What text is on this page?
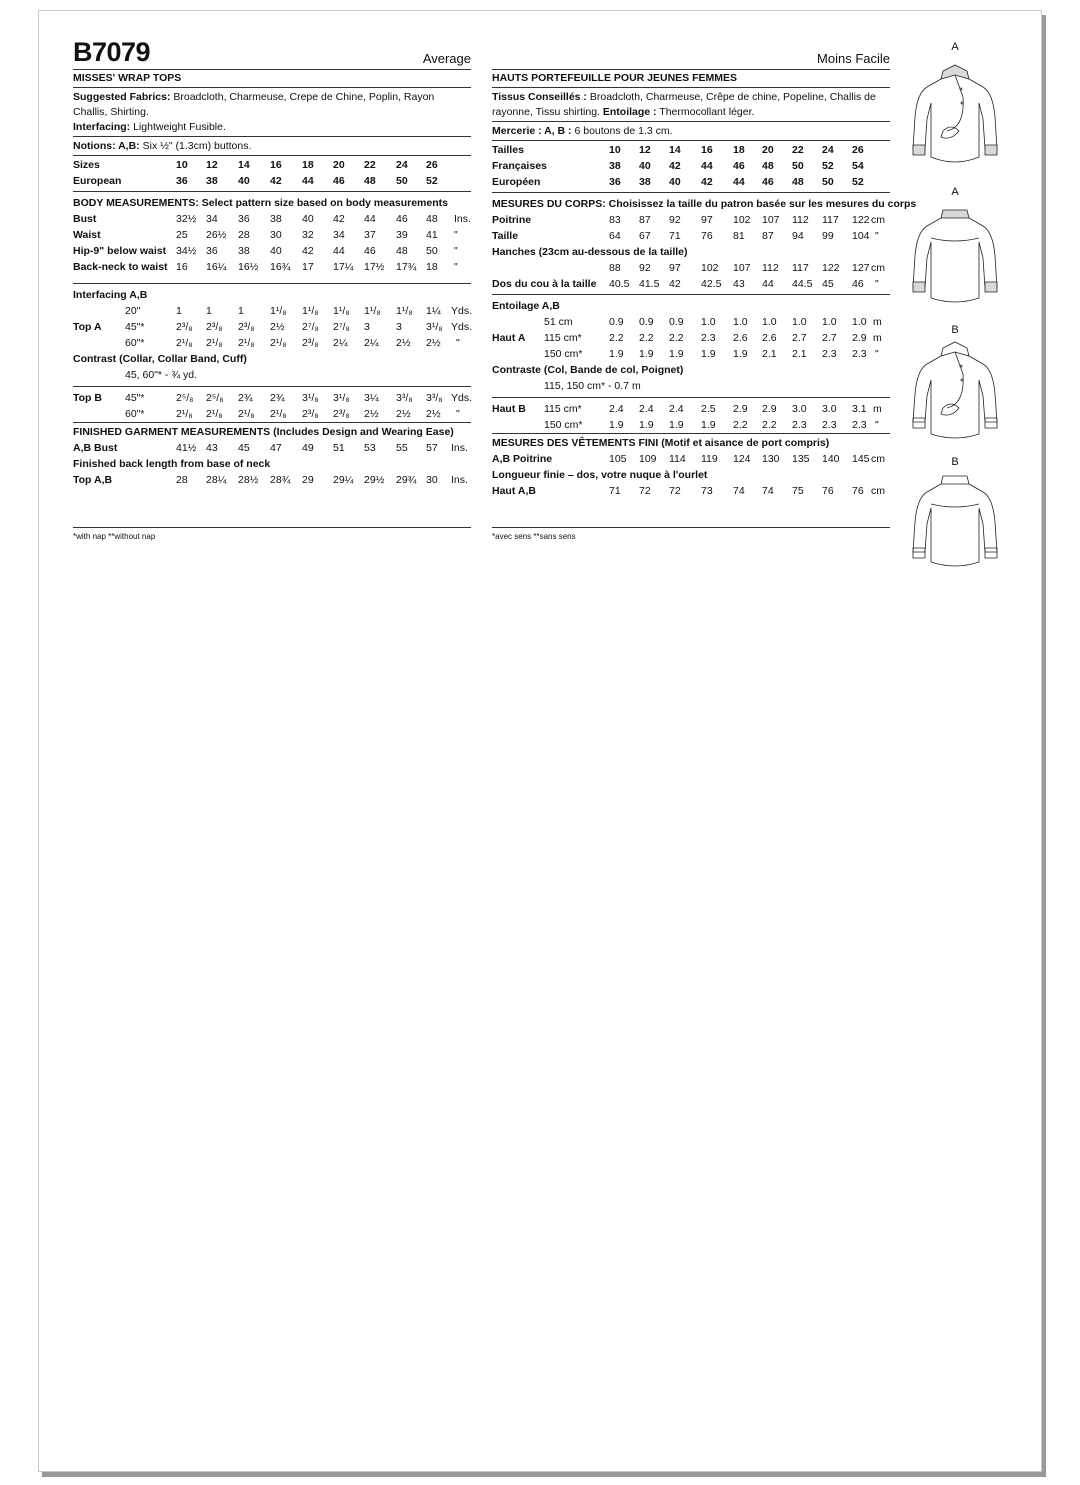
B7079	Average
MISSES' WRAP TOPS
Suggested Fabrics: Broadcloth, Charmeuse, Crepe de Chine, Poplin, Rayon Challis, Shirting.
Interfacing: Lightweight Fusible.
Notions: A,B: Six ½" (1.3cm) buttons.
Sizes	10	12	14	16	18	20	22	24	26
European	36	38	40	42	44	46	48	50	52
BODY MEASUREMENTS: Select pattern size based on body measurements
Bust	32½ 34	36	38	40	42	44	46	48	Ins.
Waist	25	26½	28	30	32	34	37	39	41	"
Hip-9" below waist 34½ 36	38	40	42	44	46	48	50	"
Back-neck to waist 16	16¼	16½	16¾	17	17¼	17½	17¾ 18	"
Interfacing A,B
20"	1	1	1	1¹/₈	1¹/₈	1¹/₈	1¹/₈	1¹/₈	1¼ Yds.
Top A 45"*	2³/₈	2³/₈	2³/₈	2½	2⁷/₈	2⁷/₈	3	3	3¹/₈ Yds.
60"*	2¹/₈	2¹/₈	2¹/₈	2¹/₈	2³/₈	2¼	2¼	2½	2½	"
Contrast (Collar, Collar Band, Cuff)
45, 60"* - ¾ yd.
Top B 45"*	2⁵/₈	2⁵/₈	2¾	2¾	3¹/₈	3¹/₈	3¼	3³/₈	3³/₈ Yds.
60"*	2¹/₈	2¹/₈	2¹/₈	2¹/₈	2³/₈	2³/₈	2½	2½	2½	"
FINISHED GARMENT MEASUREMENTS (Includes Design and Wearing Ease)
A,B Bust	41½ 43	45	47	49	51	53	55	57	Ins.
Finished back length from base of neck
Top A,B	28	28¼	28½	28¾	29	29¼	29½	29¾ 30	Ins.
*with nap **without nap
Moins Facile
HAUTS PORTEFEUILLE POUR JEUNES FEMMES
Tissus Conseillés : Broadcloth, Charmeuse, Crêpe de chine, Popeline, Challis de rayonne, Tissu shirting. Entoilage : Thermocollant léger.
Mercerie : A, B : 6 boutons de 1.3 cm.
Tailles	10	12	14	16	18	20	22	24	26
Françaises	38	40	42	44	46	48	50	52	54
Européen	36	38	40	42	44	46	48	50	52
MESURES DU CORPS: Choisissez la taille du patron basée sur les mesures du corps
Poitrine	83	87	92	97	102	107	112	117	122 cm
Taille	64	67	71	76	81	87	94	99	104 "
Hanches (23cm au-dessous de la taille)
88	92	97	102	107	112	117	122	127 cm
Dos du cou à la taille 40.5 41.5 42	42.5	43	44	44.5 45	46	"
Entoilage A,B
51 cm	0.9	0.9	0.9	1.0	1.0	1.0	1.0	1.0	1.0 m
Haut A 115 cm*	2.2	2.2	2.2	2.3	2.6	2.6	2.7	2.7	2.9 m
150 cm*	1.9	1.9	1.9	1.9	1.9	2.1	2.1	2.3	2.3 "
Contraste (Col, Bande de col, Poignet)
115, 150 cm* - 0.7 m
Haut B 115 cm*	2.4	2.4	2.4	2.5	2.9	2.9	3.0	3.0	3.1 m
150 cm*	1.9	1.9	1.9	1.9	2.2	2.2	2.3	2.3	2.3 "
MESURES DES VÊTEMENTS FINI (Motif et aisance de port compris)
A,B Poitrine	105	109	114	119	124	130	135	140	145 cm
Longueur finie – dos, votre nuque à l'ourlet
Haut A,B	71	72	72	73	74	74	75	76	76 cm
*avec sens **sans sens
A
A
B
B
